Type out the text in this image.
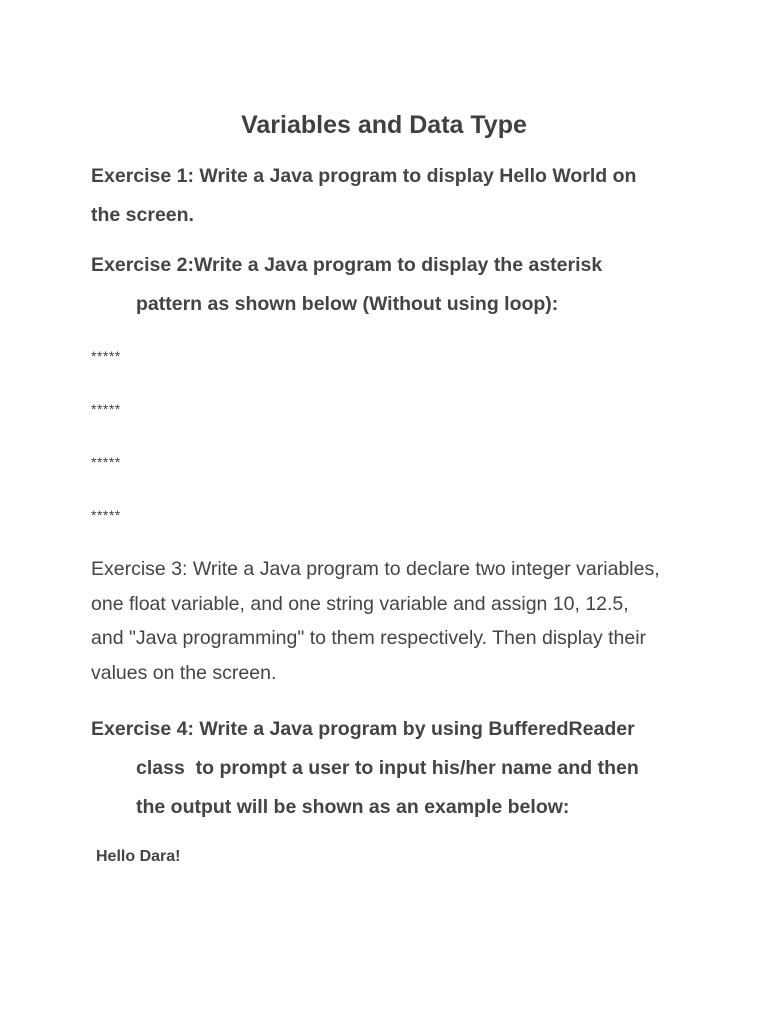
Variables and Data Type

Exercise 1: Write a Java program to display Hello World on
the screen.

Exercise 2:Write a Java program to display the asterisk
pattern as shown below (Without using loop):

*****

*****

*****

*****

Exercise 3: Write a Java program to declare two integer variables,
one float variable, and one string variable and assign 10, 12.5,
and "Java programming" to them respectively. Then display their
values on the screen.

Exercise 4: Write a Java program by using BufferedReader
class  to prompt a user to input his/her name and then
the output will be shown as an example below:

Hello Dara!
